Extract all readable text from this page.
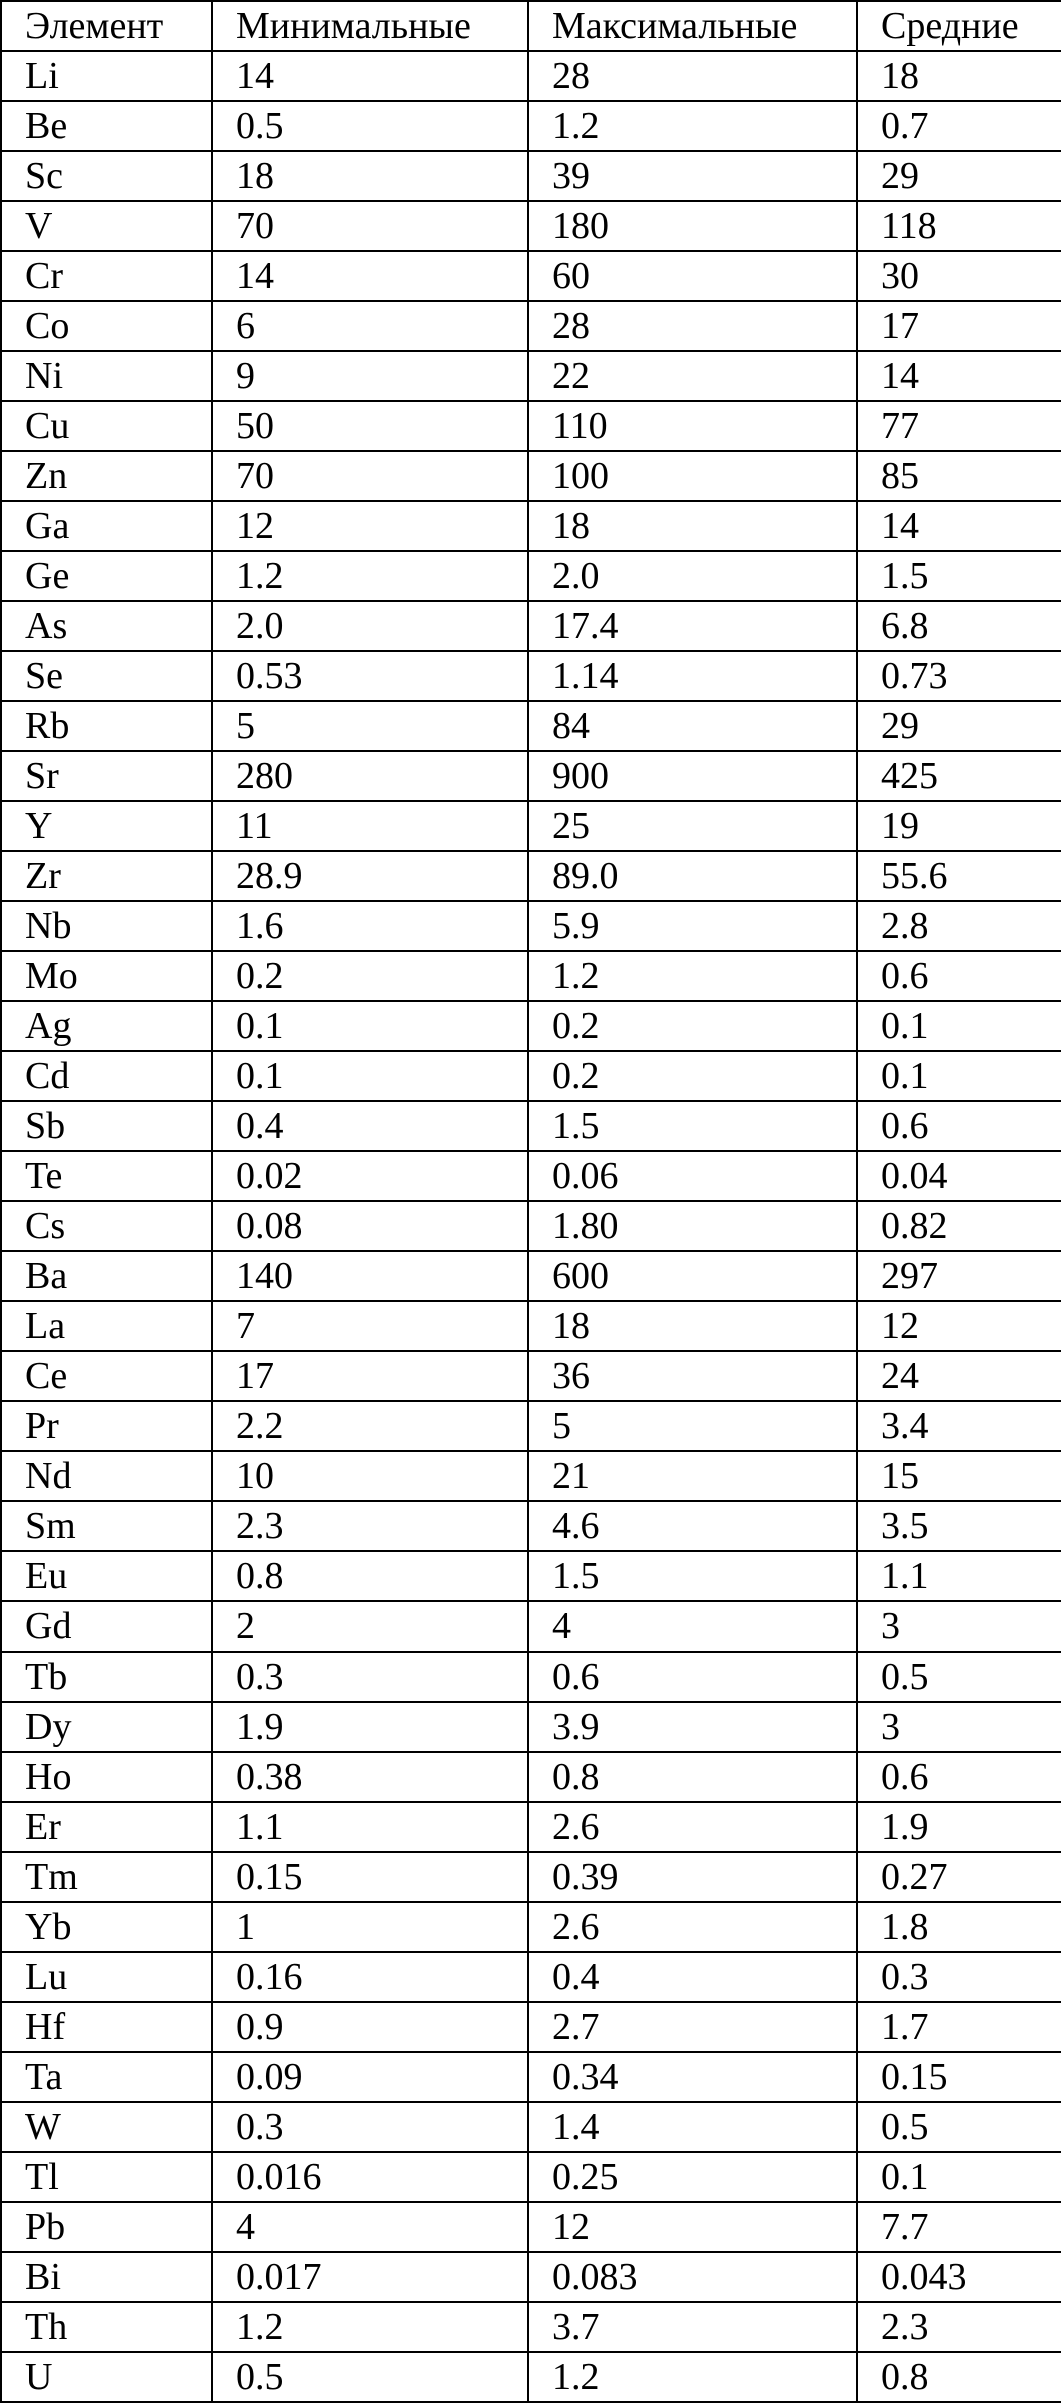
Элемент	Минимальные	Максимальные	Средние
Li	14	28	18
Be	0.5	1.2	0.7
Sc	18	39	29
V	70	180	118
Cr	14	60	30
Co	6	28	17
Ni	9	22	14
Cu	50	110	77
Zn	70	100	85
Ga	12	18	14
Ge	1.2	2.0	1.5
As	2.0	17.4	6.8
Se	0.53	1.14	0.73
Rb	5	84	29
Sr	280	900	425
Y	11	25	19
Zr	28.9	89.0	55.6
Nb	1.6	5.9	2.8
Mo	0.2	1.2	0.6
Ag	0.1	0.2	0.1
Cd	0.1	0.2	0.1
Sb	0.4	1.5	0.6
Te	0.02	0.06	0.04
Cs	0.08	1.80	0.82
Ba	140	600	297
La	7	18	12
Ce	17	36	24
Pr	2.2	5	3.4
Nd	10	21	15
Sm	2.3	4.6	3.5
Eu	0.8	1.5	1.1
Gd	2	4	3
Tb	0.3	0.6	0.5
Dy	1.9	3.9	3
Ho	0.38	0.8	0.6
Er	1.1	2.6	1.9
Tm	0.15	0.39	0.27
Yb	1	2.6	1.8
Lu	0.16	0.4	0.3
Hf	0.9	2.7	1.7
Ta	0.09	0.34	0.15
W	0.3	1.4	0.5
Tl	0.016	0.25	0.1
Pb	4	12	7.7
Bi	0.017	0.083	0.043
Th	1.2	3.7	2.3
U	0.5	1.2	0.8
